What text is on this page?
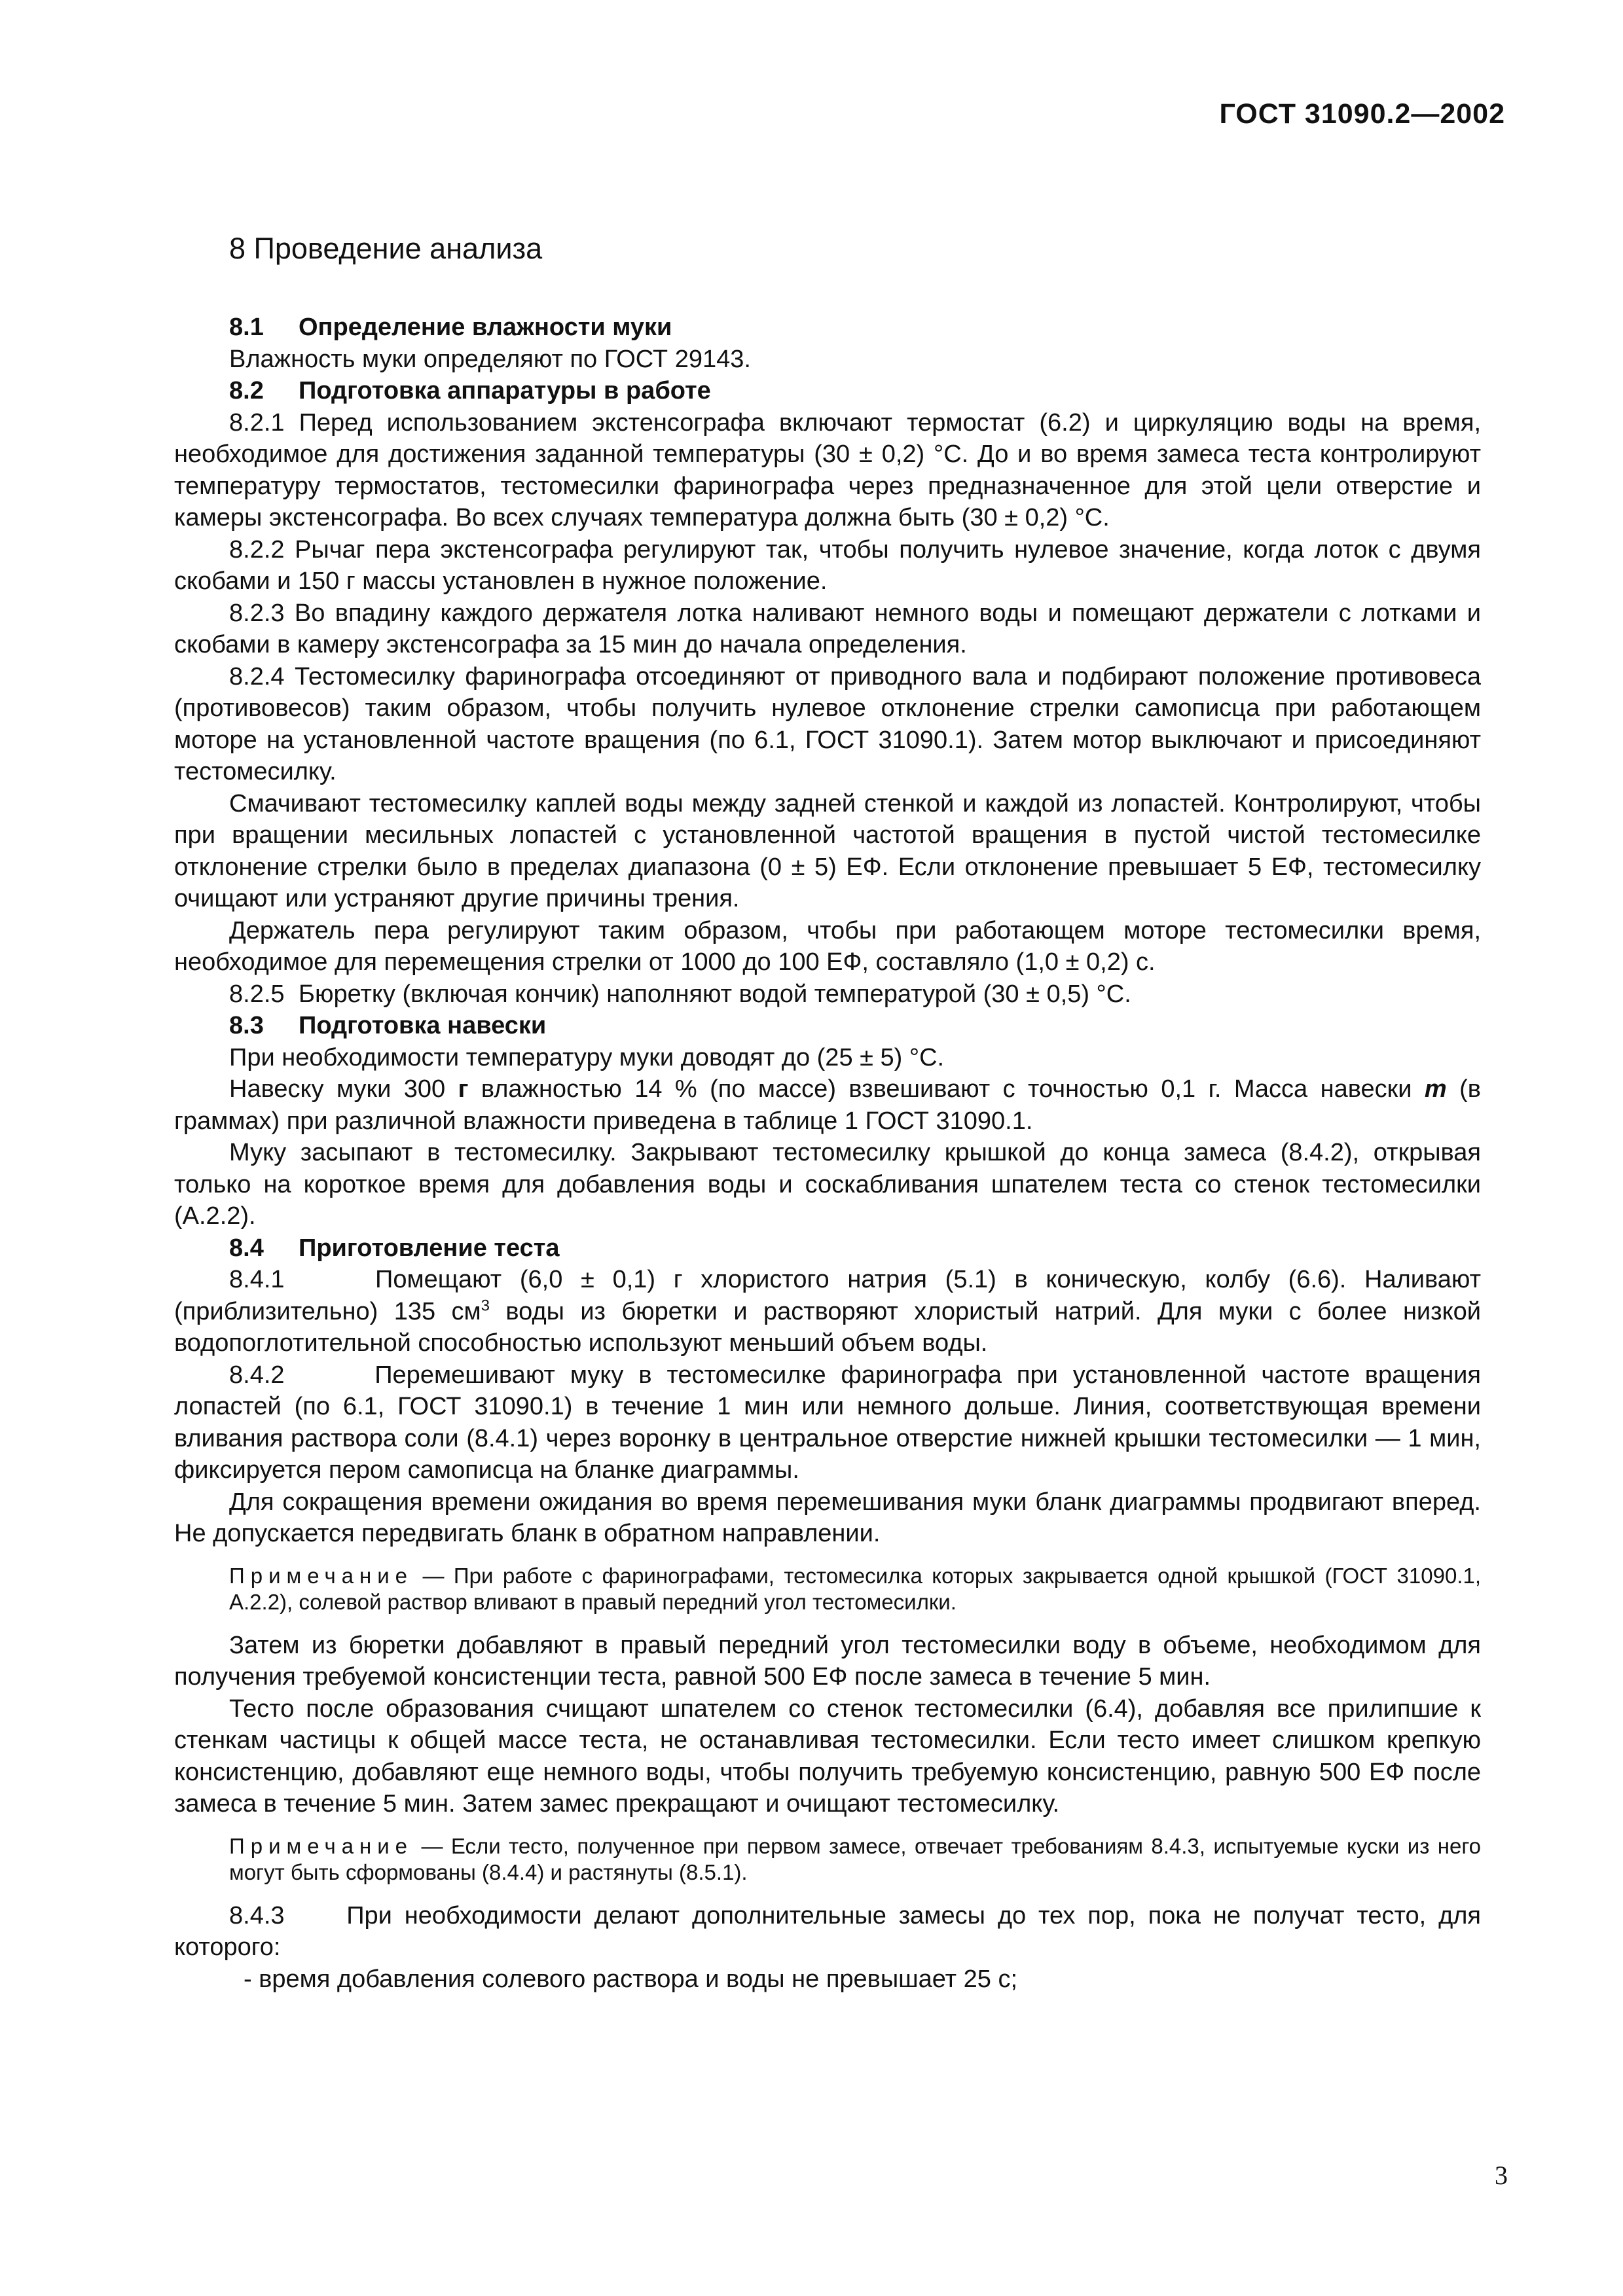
ГОСТ 31090.2—2002
8 Проведение анализа

8.1 Определение влажности муки

Влажность муки определяют по ГОСТ 29143.

8.2 Подготовка аппаратуры в работе

8.2.1 Перед использованием экстенсографа включают термостат (6.2) и циркуляцию воды на время, необходимое для достижения заданной температуры (30 ± 0,2) °С. До и во время замеса теста контролируют температуру термостатов, тестомесилки фаринографа через предназначенное для этой цели отверстие и камеры экстенсографа. Во всех случаях температура должна быть (30 ± 0,2) °С.

8.2.2 Рычаг пера экстенсографа регулируют так, чтобы получить нулевое значение, когда лоток с двумя скобами и 150 г массы установлен в нужное положение.

8.2.3 Во впадину каждого держателя лотка наливают немного воды и помещают держатели с лотками и скобами в камеру экстенсографа за 15 мин до начала определения.

8.2.4 Тестомесилку фаринографа отсоединяют от приводного вала и подбирают положение противовеса (противовесов) таким образом, чтобы получить нулевое отклонение стрелки самописца при работающем моторе на установленной частоте вращения (по 6.1, ГОСТ 31090.1). Затем мотор выключают и присоединяют тестомесилку.

Смачивают тестомесилку каплей воды между задней стенкой и каждой из лопастей. Контролируют, чтобы при вращении месильных лопастей с установленной частотой вращения в пустой чистой тестомесилке отклонение стрелки было в пределах диапазона (0 ± 5) ЕФ. Если отклонение превышает 5 ЕФ, тестомесилку очищают или устраняют другие причины трения.

Держатель пера регулируют таким образом, чтобы при работающем моторе тестомесилки время, необходимое для перемещения стрелки от 1000 до 100 ЕФ, составляло (1,0 ± 0,2) с.

8.2.5 Бюретку (включая кончик) наполняют водой температурой (30 ± 0,5) °С.

8.3 Подготовка навески

При необходимости температуру муки доводят до (25 ± 5) °С.

Навеску муки 300 г влажностью 14 % (по массе) взвешивают с точностью 0,1 г. Масса навески m (в граммах) при различной влажности приведена в таблице 1 ГОСТ 31090.1.

Муку засыпают в тестомесилку. Закрывают тестомесилку крышкой до конца замеса (8.4.2), открывая только на короткое время для добавления воды и соскабливания шпателем теста со стенок тестомесилки (А.2.2).

8.4 Приготовление теста

8.4.1	Помещают (6,0 ± 0,1) г хлористого натрия (5.1) в коническую, колбу (6.6). Наливают (приблизительно) 135 $см^3$ воды из бюретки и растворяют хлористый натрий. Для муки с более низкой водопоглотительной способностью используют меньший объем воды.

8.4.2	Перемешивают муку в тестомесилке фаринографа при установленной частоте вращения лопастей (по 6.1, ГОСТ 31090.1) в течение 1 мин или немного дольше. Линия, соответствующая времени вливания раствора соли (8.4.1) через воронку в центральное отверстие нижней крышки тестомесилки — 1 мин, фиксируется пером самописца на бланке диаграммы.

Для сокращения времени ожидания во время перемешивания муки бланк диаграммы продвигают вперед. Не допускается передвигать бланк в обратном направлении.

Примечание — При работе с фаринографами, тестомесилка которых закрывается одной крышкой (ГОСТ 31090.1, А.2.2), солевой раствор вливают в правый передний угол тестомесилки.

Затем из бюретки добавляют в правый передний угол тестомесилки воду в объеме, необходимом для получения требуемой консистенции теста, равной 500 ЕФ после замеса в течение 5 мин.

Тесто после образования счищают шпателем со стенок тестомесилки (6.4), добавляя все прилипшие к стенкам частицы к общей массе теста, не останавливая тестомесилки. Если тесто имеет слишком крепкую консистенцию, добавляют еще немного воды, чтобы получить требуемую консистенцию, равную 500 ЕФ после замеса в течение 5 мин. Затем замес прекращают и очищают тестомесилку.

Примечание — Если тесто, полученное при первом замесе, отвечает требованиям 8.4.3, испытуемые куски из него могут быть сформованы (8.4.4) и растянуты (8.5.1).

8.4.3 При необходимости делают дополнительные замесы до тех пор, пока не получат тесто, для которого:

- время добавления солевого раствора и воды не превышает 25 с;

3
